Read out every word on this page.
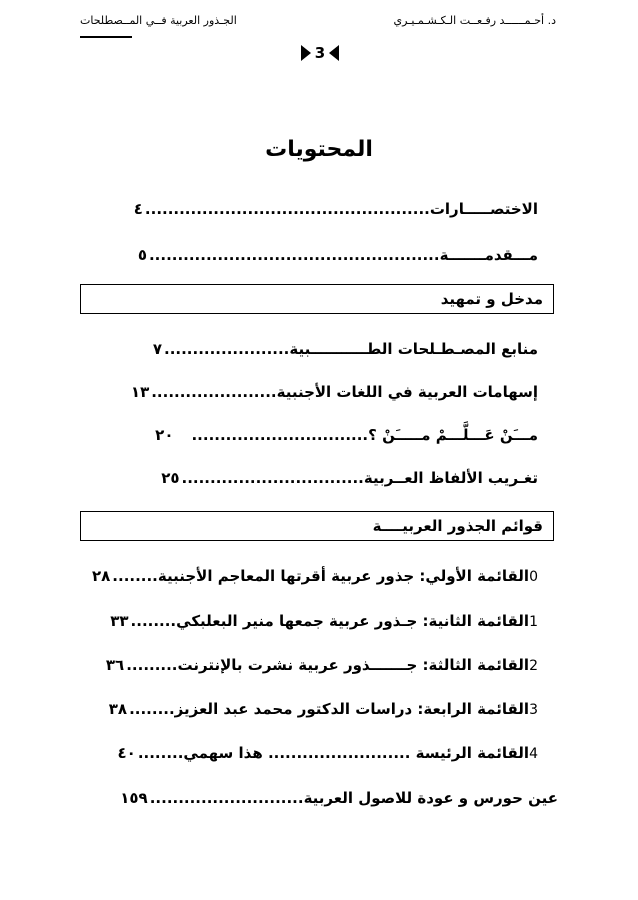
د. أحـمــــــد رفـعــت الـكـشـمـيـري
الجـذور العربية فــي المــصطلحات
3
المحتويات
الاختصـــــارات..................................................٤
مـــقدمـــــــة...................................................٥
مدخل و تمهيد
منابع المصـطـلحات الطـــــــــــبية......................٧
إسهامات العربية في اللغات الأجنبية......................١٣
مـــَنْ عَـــلَّـــمْ مـــــَنْ ؟...............................٢٠
تغـريب الألفاظ العــربية................................٢٥
قوائم الجذور العربيــــة
0القائمة الأولي: جذور عربية أقرتها المعاجم الأجنبية........٢٨
1القائمة الثانية: جـذور عربية جمعها منير البعلبكي........٣٣
2القائمة الثالثة: جـــــــذور عربية نشرت بالإنترنت.........٣٦
3القائمة الرابعة: دراسات الدكتور محمد عبد العزيز........٣٨
4القائمة الرئيسة ......................... هذا سهمي........٤٠
عين حورس و عودة للاصول العربية...........................١٥٩
